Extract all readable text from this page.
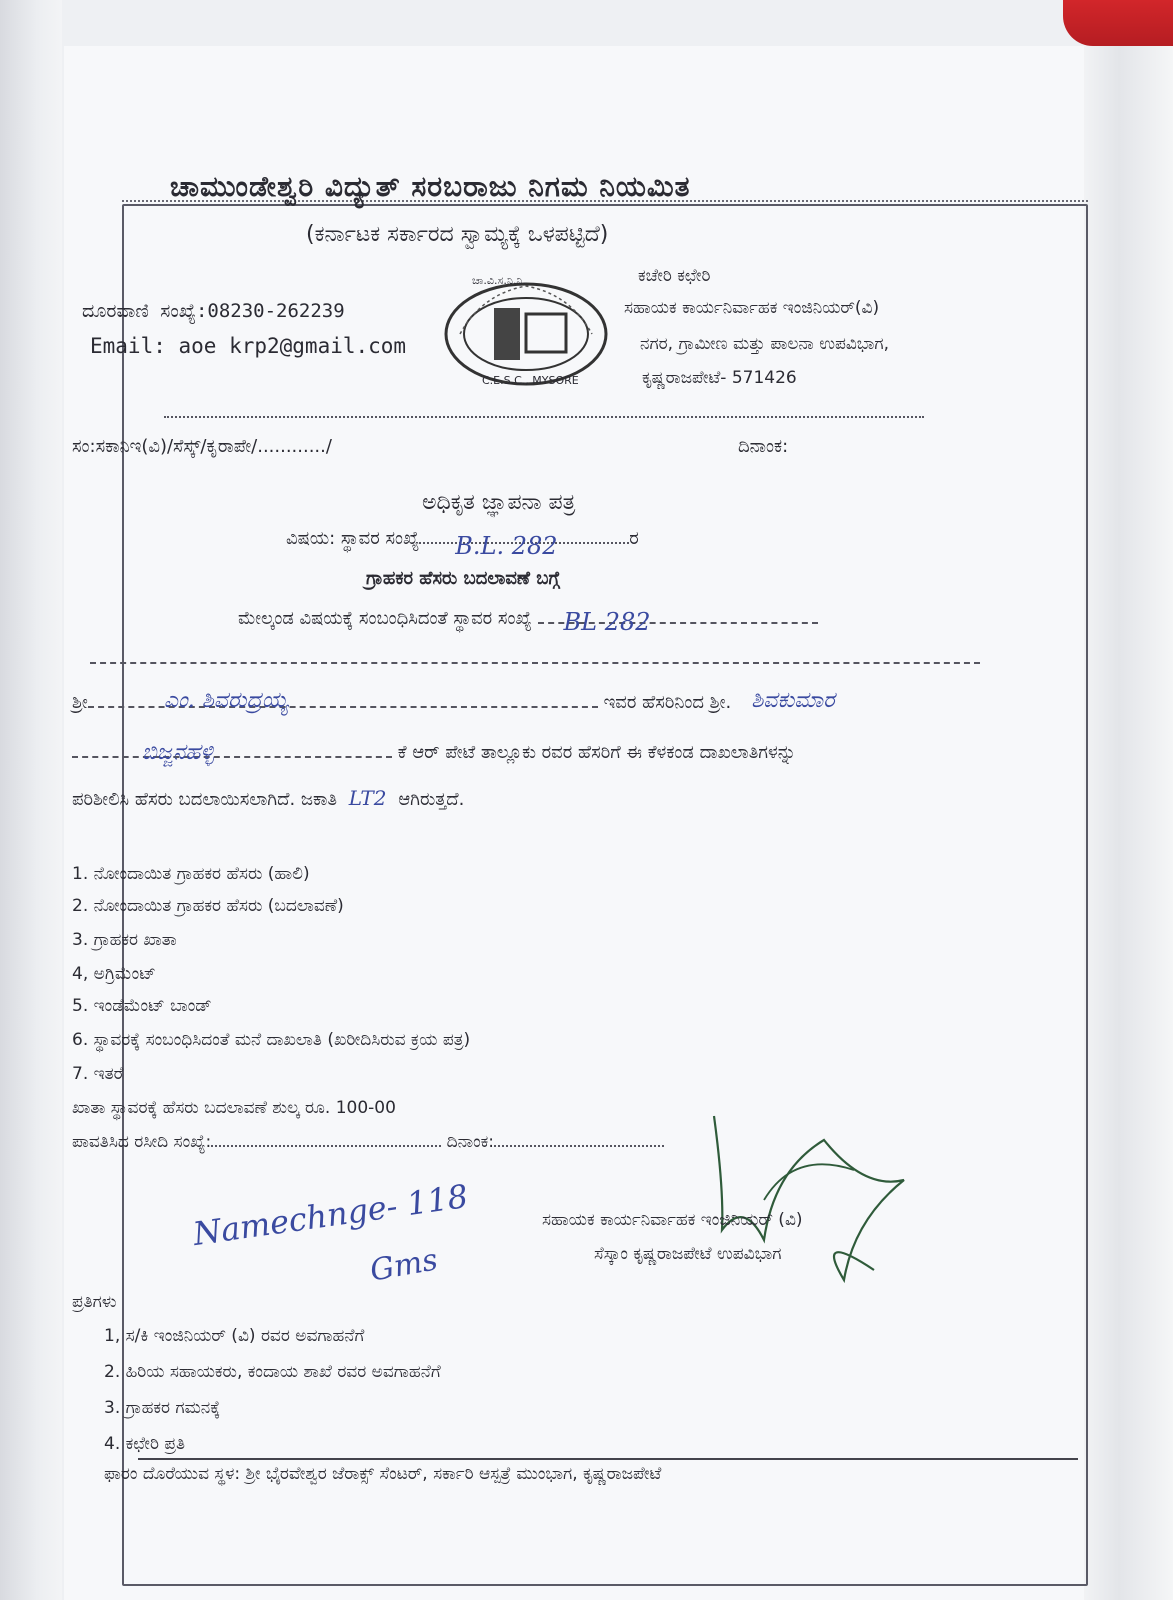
ಚಾಮುಂಡೇಶ್ವರಿ ವಿದ್ಯುತ್ ಸರಬರಾಜು ನಿಗಮ ನಿಯಮಿತ
(ಕರ್ನಾಟಕ ಸರ್ಕಾರದ ಸ್ವಾಮ್ಯಕ್ಕೆ ಒಳಪಟ್ಟಿದೆ)
ದೂರವಾಣಿ ಸಂಖ್ಯೆ:08230-262239
Email: aoe krp2@gmail.com
ಚಾ.ವಿ.ಸ.ನಿ.ನಿ.
C.E.S.C., MYSORE
ಕಚೇರಿ ಕಛೇರಿ
ಸಹಾಯಕ ಕಾರ್ಯನಿರ್ವಾಹಕ ಇಂಜಿನಿಯರ್(ವಿ)
ನಗರ, ಗ್ರಾಮೀಣ ಮತ್ತು ಪಾಲನಾ ಉಪವಿಭಾಗ,
ಕೃಷ್ಣರಾಜಪೇಟೆ- 571426
ಸಂ:ಸಕಾನಿಇ(ವಿ)/ಸೆಸ್ಕ್/ಕೃರಾಪೇ/............/	ದಿನಾಂಕ:
ಅಧಿಕೃತ ಜ್ಞಾಪನಾ ಪತ್ರ
ವಿಷಯ: ಸ್ಥಾವರ ಸಂಖ್ಯೆ B.L. 282	ರ
ಗ್ರಾಹಕರ ಹೆಸರು ಬದಲಾವಣೆ ಬಗ್ಗೆ
ಮೇಲ್ಕಂಡ ವಿಷಯಕ್ಕೆ ಸಂಬಂಧಿಸಿದಂತೆ ಸ್ಥಾವರ ಸಂಖ್ಯೆ BL 282
ಶ್ರೀ	ಎಂ. ಶಿವರುದ್ರಯ್ಯ	ಇವರ ಹೆಸರಿನಿಂದ ಶ್ರೀ. ಶಿವಕುಮಾರ
ಬಿಜ್ಜನಹಳ್ಳಿ	ಕೆ ಆರ್ ಪೇಟೆ ತಾಲ್ಲೂಕು ರವರ ಹೆಸರಿಗೆ ಈ ಕೆಳಕಂಡ ದಾಖಲಾತಿಗಳನ್ನು
ಪರಿಶೀಲಿಸಿ ಹೆಸರು ಬದಲಾಯಿಸಲಾಗಿದೆ. ಜಕಾತಿ LT2 ಆಗಿರುತ್ತದೆ.
1. ನೋಂದಾಯಿತ ಗ್ರಾಹಕರ ಹೆಸರು (ಹಾಲಿ)
2. ನೋಂದಾಯಿತ ಗ್ರಾಹಕರ ಹೆಸರು (ಬದಲಾವಣೆ)
3. ಗ್ರಾಹಕರ ಖಾತಾ
4, ಅಗ್ರಿಮೆಂಟ್
5. ಇಂಡೆಮೆಂಟ್ ಬಾಂಡ್
6. ಸ್ಥಾವರಕ್ಕೆ ಸಂಬಂಧಿಸಿದಂತೆ ಮನೆ ದಾಖಲಾತಿ (ಖರೀದಿಸಿರುವ ಕ್ರಯ ಪತ್ರ)
7. ಇತರೆ
ಖಾತಾ ಸ್ಥಾವರಕ್ಕೆ ಹೆಸರು ಬದಲಾವಣೆ ಶುಲ್ಕ ರೂ. 100-00
ಪಾವತಿಸಿದ ರಸೀದಿ ಸಂಖ್ಯೆ:	ದಿನಾಂಕ:
Namechnge- 118
Gms
ಸಹಾಯಕ ಕಾರ್ಯನಿರ್ವಾಹಕ ಇಂಜಿನಿಯರ್ (ವಿ)
ಸೆಸ್ಕಾಂ ಕೃಷ್ಣರಾಜಪೇಟೆ ಉಪವಿಭಾಗ
ಪ್ರತಿಗಳು
1, ಸ/ಕಿ ಇಂಜಿನಿಯರ್ (ವಿ) ರವರ ಅವಗಾಹನೆಗೆ
2. ಹಿರಿಯ ಸಹಾಯಕರು, ಕಂದಾಯ ಶಾಖೆ ರವರ ಅವಗಾಹನೆಗೆ
3. ಗ್ರಾಹಕರ ಗಮನಕ್ಕೆ
4. ಕಛೇರಿ ಪ್ರತಿ
ಫಾರಂ ದೊರೆಯುವ ಸ್ಥಳ: ಶ್ರೀ ಭೈರವೇಶ್ವರ ಜೆರಾಕ್ಸ್ ಸೆಂಟರ್, ಸರ್ಕಾರಿ ಆಸ್ಪತ್ರೆ ಮುಂಭಾಗ, ಕೃಷ್ಣರಾಜಪೇಟೆ
